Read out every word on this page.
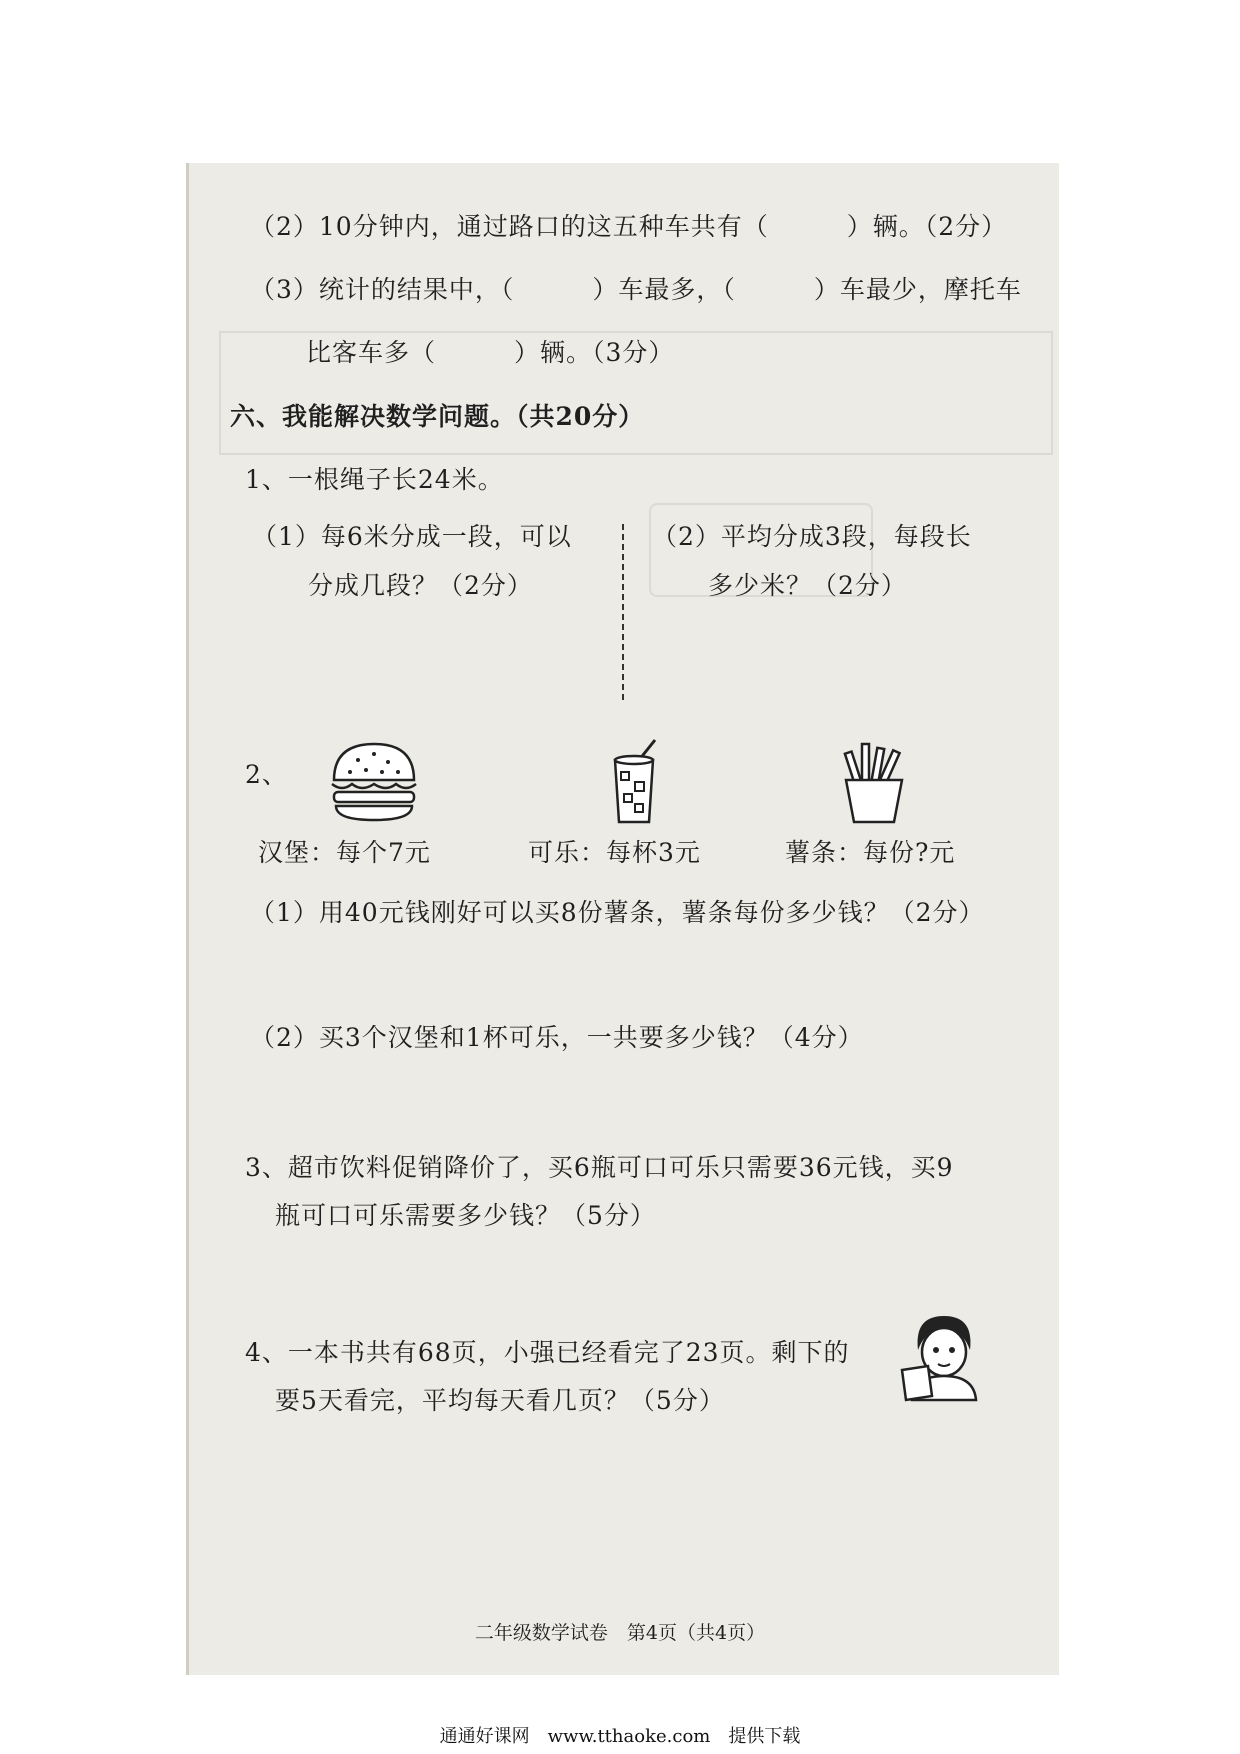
（2）10分钟内，通过路口的这五种车共有（　　　）辆。（2分）
（3）统计的结果中，（　　　）车最多，（　　　）车最少，摩托车
比客车多（　　　）辆。（3分）
六、我能解决数学问题。（共20分）
1、一根绳子长24米。
（1）每6米分成一段，可以
分成几段？（2分）
（2）平均分成3段，每段长
多少米？（2分）
2、
汉堡：每个7元	可乐：每杯3元	薯条：每份?元
（1）用40元钱刚好可以买8份薯条，薯条每份多少钱？（2分）
（2）买3个汉堡和1杯可乐，一共要多少钱？（4分）
3、超市饮料促销降价了，买6瓶可口可乐只需要36元钱，买9
瓶可口可乐需要多少钱？（5分）
4、一本书共有68页，小强已经看完了23页。剩下的
要5天看完，平均每天看几页？（5分）
二年级数学试卷　第4页（共4页）
通通好课网　www.tthaoke.com　提供下载
